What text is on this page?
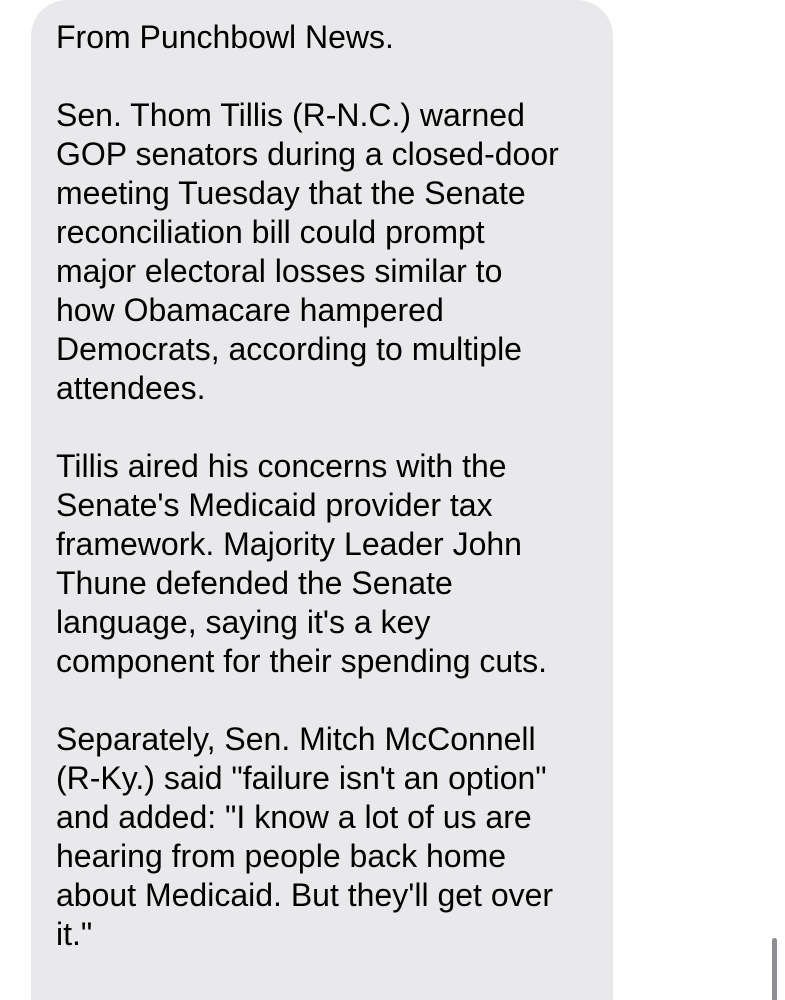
From Punchbowl News.
Sen. Thom Tillis (R-N.C.) warned
GOP senators during a closed-door
meeting Tuesday that the Senate
reconciliation bill could prompt
major electoral losses similar to
how Obamacare hampered
Democrats, according to multiple
attendees.
Tillis aired his concerns with the
Senate's Medicaid provider tax
framework. Majority Leader John
Thune defended the Senate
language, saying it's a key
component for their spending cuts.
Separately, Sen. Mitch McConnell
(R-Ky.) said "failure isn't an option"
and added: "I know a lot of us are
hearing from people back home
about Medicaid. But they'll get over
it."
